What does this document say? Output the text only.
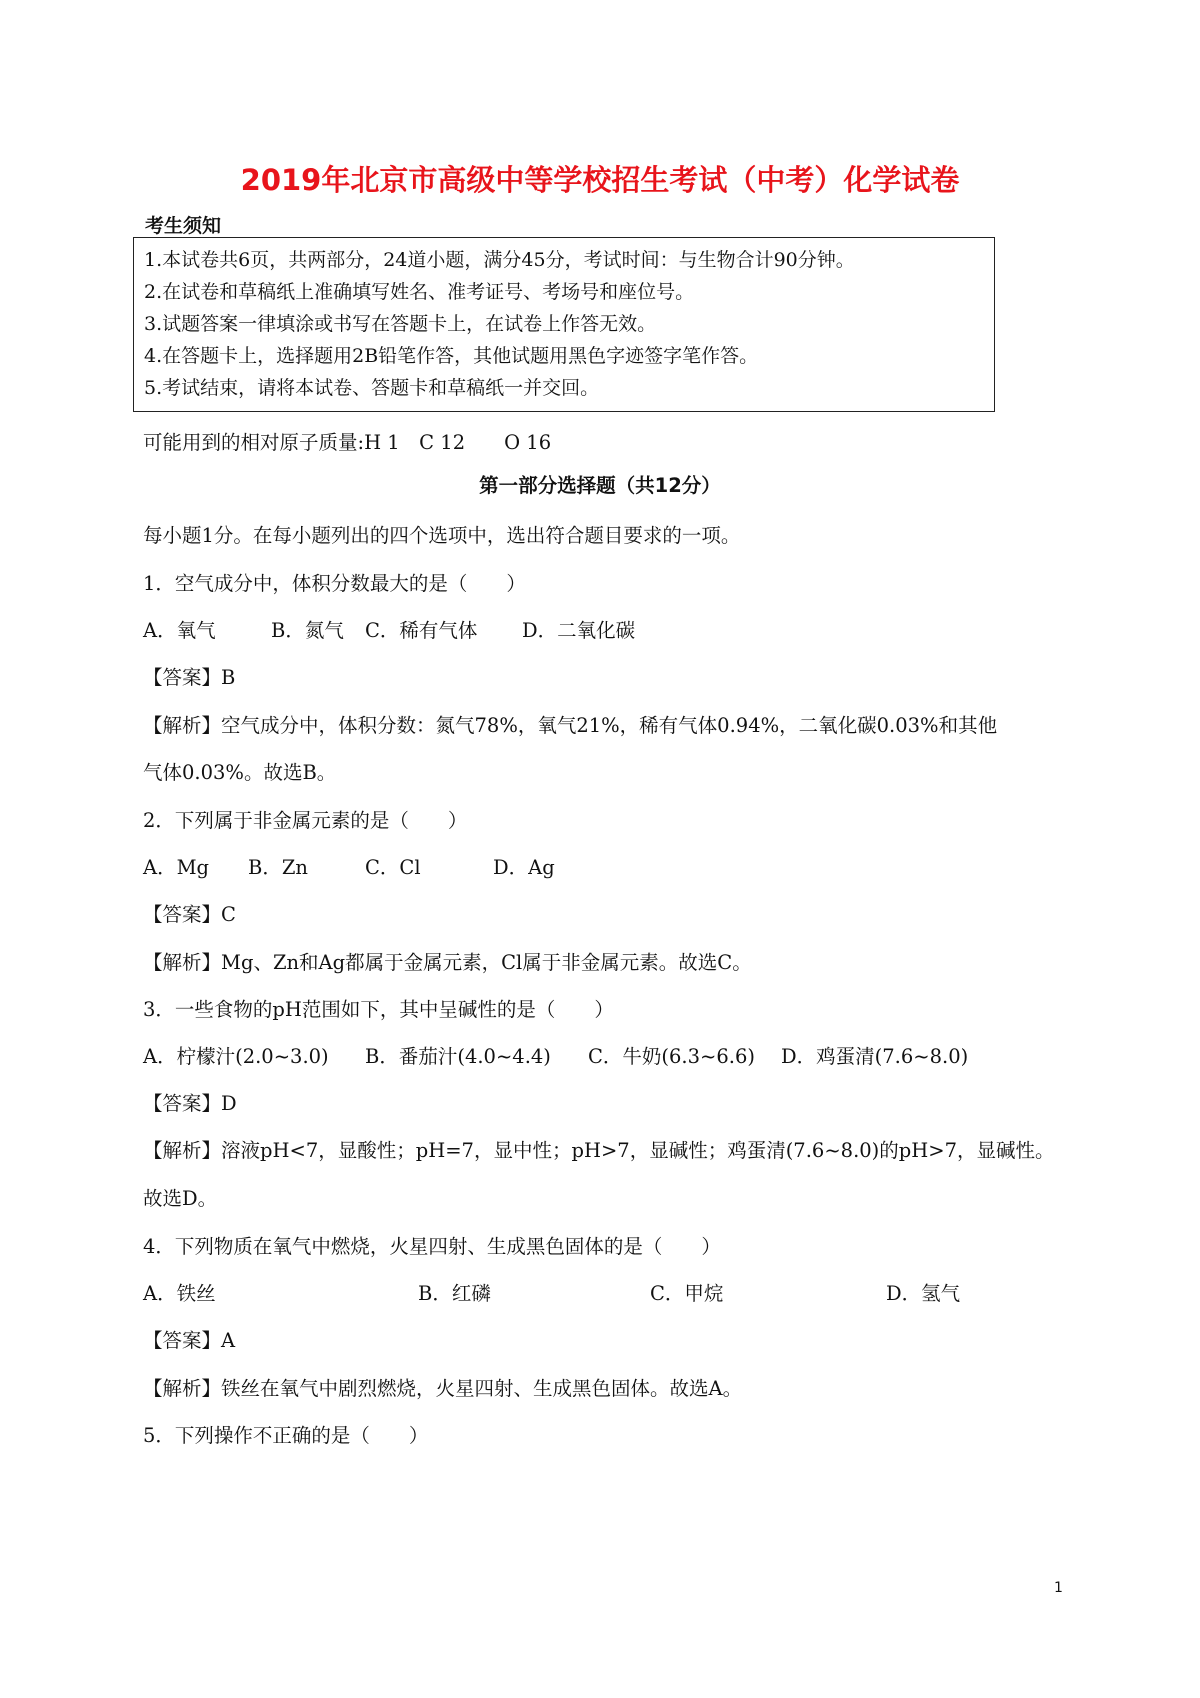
2019年北京市高级中等学校招生考试（中考）化学试卷
考生须知
1.本试卷共6页，共两部分，24道小题，满分45分，考试时间：与生物合计90分钟。
2.在试卷和草稿纸上准确填写姓名、准考证号、考场号和座位号。
3.试题答案一律填涂或书写在答题卡上，在试卷上作答无效。
4.在答题卡上，选择题用2B铅笔作答，其他试题用黑色字迹签字笔作答。
5.考试结束，请将本试卷、答题卡和草稿纸一并交回。
可能用到的相对原子质量:H 1　C 12　　O 16
第一部分选择题（共12分）
每小题1分。在每小题列出的四个选项中，选出符合题目要求的一项。
1．空气成分中，体积分数最大的是（　　）
A．氧气	B．氮气 C．稀有气体 D．二氧化碳
【答案】B
【解析】空气成分中，体积分数：氮气78%，氧气21%，稀有气体0.94%，二氧化碳0.03%和其他
气体0.03%。故选B。
2．下列属于非金属元素的是（　　）
A．Mg B．Zn	C．Cl	D．Ag
【答案】C
【解析】Mg、Zn和Ag都属于金属元素，Cl属于非金属元素。故选C。
3．一些食物的pH范围如下，其中呈碱性的是（　　）
A．柠檬汁(2.0~3.0) B．番茄汁(4.0~4.4) C．牛奶(6.3~6.6) D．鸡蛋清(7.6~8.0)
【答案】D
【解析】溶液pH<7，显酸性；pH=7，显中性；pH>7，显碱性；鸡蛋清(7.6~8.0)的pH>7，显碱性。
故选D。
4．下列物质在氧气中燃烧，火星四射、生成黑色固体的是（　　）
A．铁丝	B．红磷	C．甲烷	D．氢气
【答案】A
【解析】铁丝在氧气中剧烈燃烧，火星四射、生成黑色固体。故选A。
5．下列操作不正确的是（　　）
1
